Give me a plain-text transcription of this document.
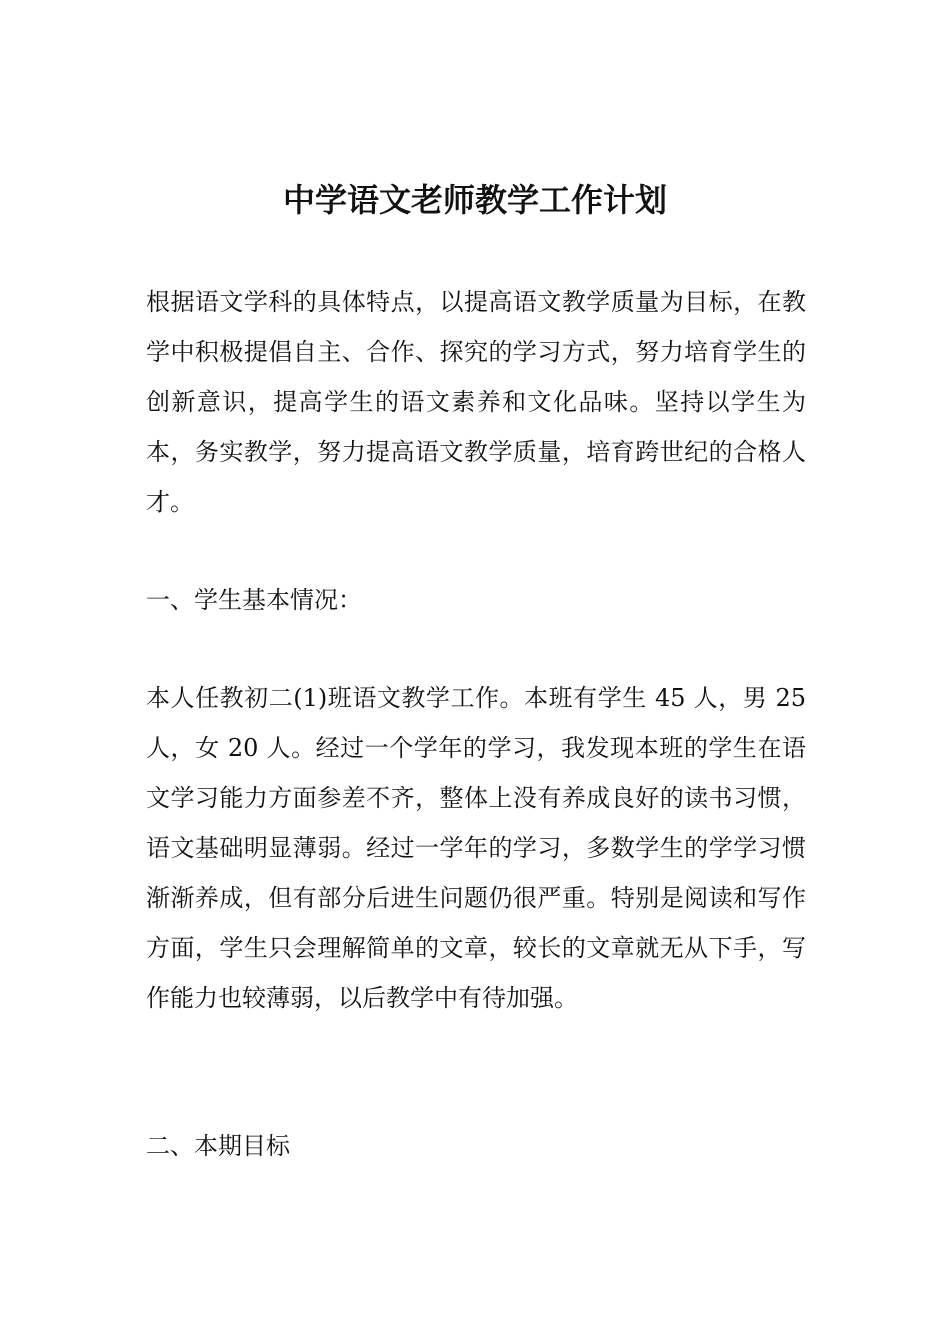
中学语文老师教学工作计划

根据语文学科的具体特点，以提高语文教学质量为目标，在教学中积极提倡自主、合作、探究的学习方式，努力培育学生的创新意识，提高学生的语文素养和文化品味。坚持以学生为本，务实教学，努力提高语文教学质量，培育跨世纪的合格人才。

一、学生基本情况：

本人任教初二(1)班语文教学工作。本班有学生 45 人，男 25 人，女 20 人。经过一个学年的学习，我发现本班的学生在语文学习能力方面参差不齐，整体上没有养成良好的读书习惯，语文基础明显薄弱。经过一学年的学习，多数学生的学学习惯渐渐养成，但有部分后进生问题仍很严重。特别是阅读和写作方面，学生只会理解简单的文章，较长的文章就无从下手，写作能力也较薄弱，以后教学中有待加强。

二、本期目标
